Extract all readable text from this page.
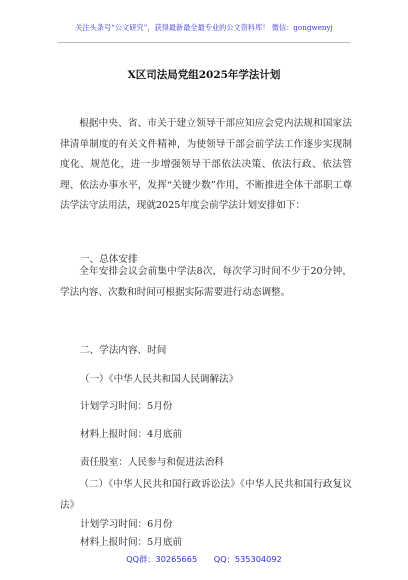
关注头条号“公文研究”，获得最新最全最专业的公文资料库！ 微信：gongwenyj
X区司法局党组2025年学法计划

根据中央、省、市关于建立领导干部应知应会党内法规和国家法律清单制度的有关文件精神，为使领导干部会前学法工作逐步实现制度化、规范化，进一步增强领导干部依法决策、依法行政、依法管理、依法办事水平，发挥“关键少数”作用，不断推进全体干部职工尊法学法守法用法，现就2025年度会前学法计划安排如下：

一、总体安排

全年安排会议会前集中学法8次，每次学习时间不少于20分钟，学法内容、次数和时间可根据实际需要进行动态调整。

二、学法内容、时间

（一）《中华人民共和国人民调解法》

计划学习时间：5月份

材料上报时间：4月底前

责任股室：人民参与和促进法治科

（二）《中华人民共和国行政诉讼法》《中华人民共和国行政复议法》

计划学习时间：6月份

材料上报时间：5月底前

QQ群：30265665 QQ：535304092
